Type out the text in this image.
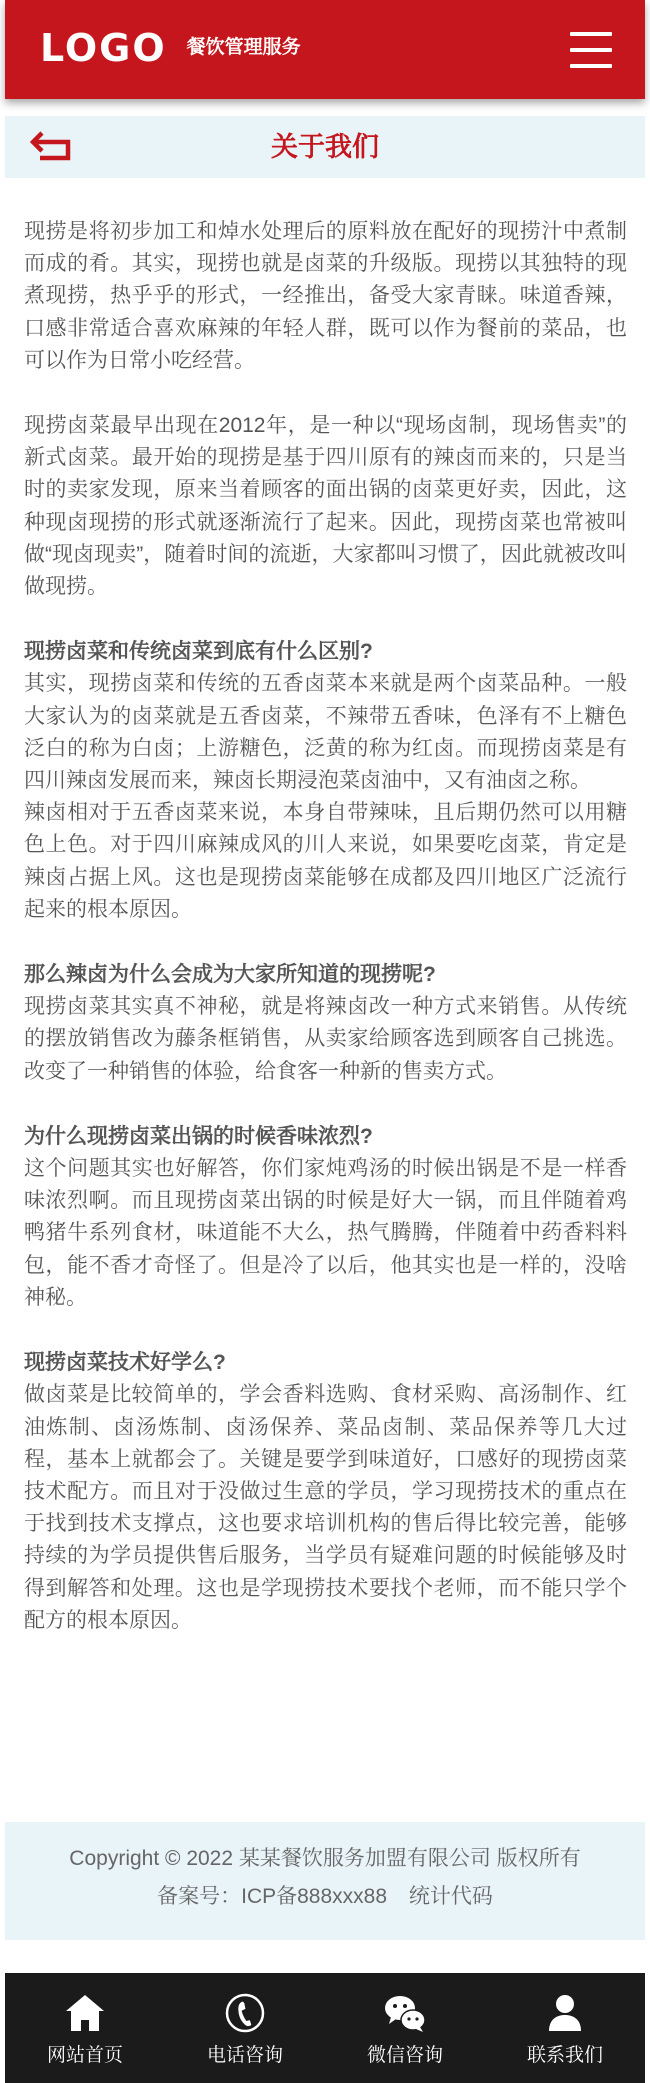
LOGO 餐饮管理服务
关于我们

现捞是将初步加工和焯水处理后的原料放在配好的现捞汁中煮制而成的肴。其实，现捞也就是卤菜的升级版。现捞以其独特的现煮现捞，热乎乎的形式，一经推出，备受大家青睐。味道香辣，口感非常适合喜欢麻辣的年轻人群，既可以作为餐前的菜品，也可以作为日常小吃经营。

现捞卤菜最早出现在2012年，是一种以“现场卤制，现场售卖”的新式卤菜。最开始的现捞是基于四川原有的辣卤而来的，只是当时的卖家发现，原来当着顾客的面出锅的卤菜更好卖，因此，这种现卤现捞的形式就逐渐流行了起来。因此，现捞卤菜也常被叫做“现卤现卖”，随着时间的流逝，大家都叫习惯了，因此就被改叫做现捞。

现捞卤菜和传统卤菜到底有什么区别?

其实，现捞卤菜和传统的五香卤菜本来就是两个卤菜品种。一般大家认为的卤菜就是五香卤菜，不辣带五香味，色泽有不上糖色泛白的称为白卤；上游糖色，泛黄的称为红卤。而现捞卤菜是有四川辣卤发展而来，辣卤长期浸泡菜卤油中，又有油卤之称。

辣卤相对于五香卤菜来说，本身自带辣味，且后期仍然可以用糖色上色。对于四川麻辣成风的川人来说，如果要吃卤菜，肯定是辣卤占据上风。这也是现捞卤菜能够在成都及四川地区广泛流行起来的根本原因。

那么辣卤为什么会成为大家所知道的现捞呢?

现捞卤菜其实真不神秘，就是将辣卤改一种方式来销售。从传统的摆放销售改为藤条框销售，从卖家给顾客选到顾客自己挑选。改变了一种销售的体验，给食客一种新的售卖方式。

为什么现捞卤菜出锅的时候香味浓烈?

这个问题其实也好解答，你们家炖鸡汤的时候出锅是不是一样香味浓烈啊。而且现捞卤菜出锅的时候是好大一锅，而且伴随着鸡鸭猪牛系列食材，味道能不大么，热气腾腾，伴随着中药香料料包，能不香才奇怪了。但是冷了以后，他其实也是一样的，没啥神秘。

现捞卤菜技术好学么?

做卤菜是比较简单的，学会香料选购、食材采购、高汤制作、红油炼制、卤汤炼制、卤汤保养、菜品卤制、菜品保养等几大过程，基本上就都会了。关键是要学到味道好，口感好的现捞卤菜技术配方。而且对于没做过生意的学员，学习现捞技术的重点在于找到技术支撑点，这也要求培训机构的售后得比较完善，能够持续的为学员提供售后服务，当学员有疑难问题的时候能够及时得到解答和处理。这也是学现捞技术要找个老师，而不能只学个配方的根本原因。

Copyright © 2022 某某餐饮服务加盟有限公司 版权所有
备案号：ICP备888xxx88 统计代码
网站首页	电话咨询	微信咨询	联系我们
